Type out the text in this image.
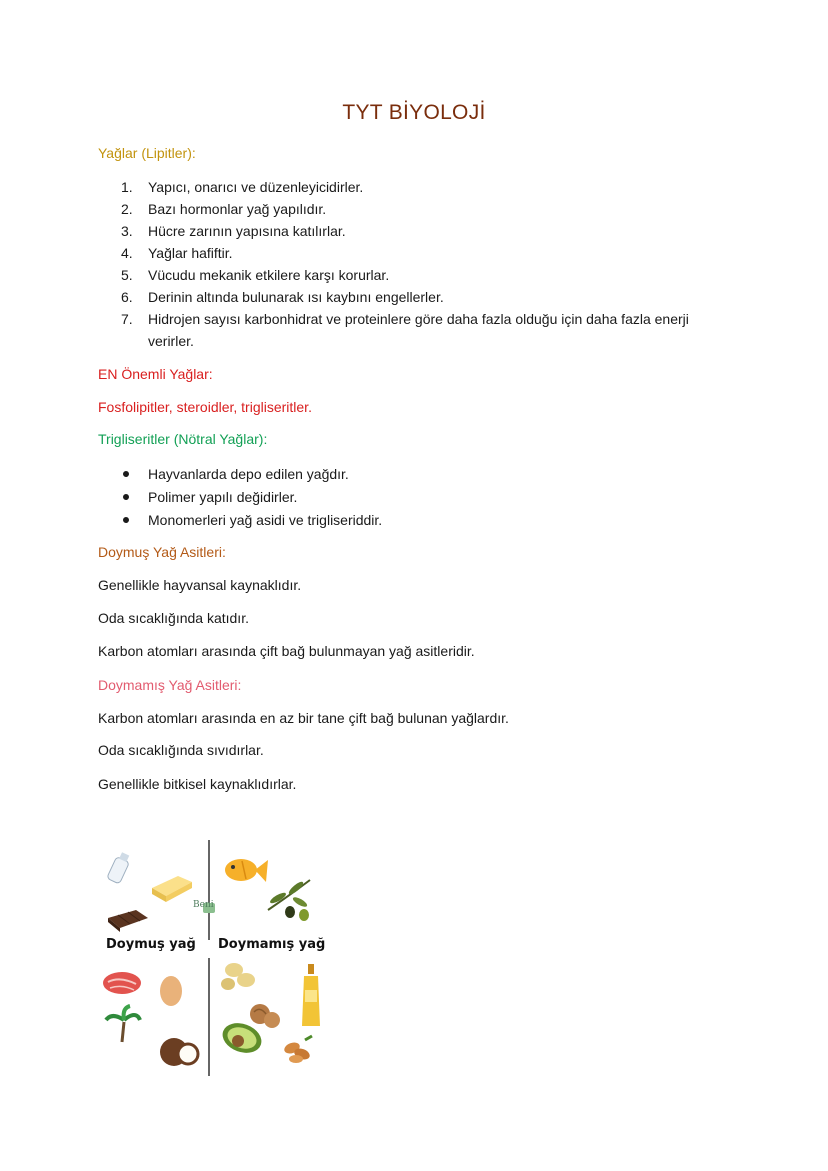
TYT BİYOLOJİ
Yağlar (Lipitler):
1. Yapıcı, onarıcı ve düzenleyicidirler.
2. Bazı hormonlar yağ yapılıdır.
3. Hücre zarının yapısına katılırlar.
4. Yağlar hafiftir.
5. Vücudu mekanik etkilere karşı korurlar.
6. Derinin altında bulunarak ısı kaybını engellerler.
7. Hidrojen sayısı karbonhidrat ve proteinlere göre daha fazla olduğu için daha fazla enerji verirler.
EN Önemli Yağlar:
Fosfolipitler, steroidler, trigliseritler.
Trigliseritler (Nötral Yağlar):
Hayvanlarda depo edilen yağdır.
Polimer yapılı değidirler.
Monomerleri yağ asidi ve trigliseriddir.
Doymuş Yağ Asitleri:
Genellikle hayvansal kaynaklıdır.
Oda sıcaklığında katıdır.
Karbon atomları arasında çift bağ bulunmayan yağ asitleridir.
Doymamış Yağ Asitleri:
Karbon atomları arasında en az bir tane çift bağ bulunan yağlardır.
Oda sıcaklığında sıvıdırlar.
Genellikle bitkisel kaynaklıdırlar.
Beni
Doymuş yağ Doymamış yağ
